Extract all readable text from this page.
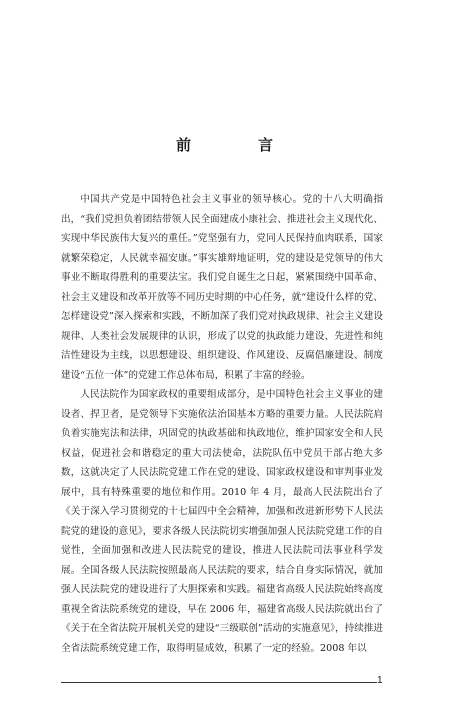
前　言

中国共产党是中国特色社会主义事业的领导核心。党的十八大明确指出，“我们党担负着团结带领人民全面建成小康社会、推进社会主义现代化、实现中华民族伟大复兴的重任。”党坚强有力，党同人民保持血肉联系，国家就繁荣稳定，人民就幸福安康。”事实雄辩地证明，党的建设是党领导的伟大事业不断取得胜利的重要法宝。我们党自诞生之日起，紧紧围绕中国革命、社会主义建设和改革开放等不同历史时期的中心任务，就“建设什么样的党、怎样建设党”深入探索和实践，不断加深了我们党对执政规律、社会主义建设规律、人类社会发展规律的认识，形成了以党的执政能力建设、先进性和纯洁性建设为主线，以思想建设、组织建设、作风建设、反腐倡廉建设、制度建设“五位一体”的党建工作总体布局，积累了丰富的经验。

人民法院作为国家政权的重要组成部分，是中国特色社会主义事业的建设者、捍卫者，是党领导下实施依法治国基本方略的重要力量。人民法院肩负着实施宪法和法律，巩固党的执政基础和执政地位，维护国家安全和人民权益，促进社会和谐稳定的重大司法使命，法院队伍中党员干部占绝大多数，这就决定了人民法院党建工作在党的建设、国家政权建设和审判事业发展中，具有特殊重要的地位和作用。2010 年 4 月，最高人民法院出台了《关于深入学习贯彻党的十七届四中全会精神，加强和改进新形势下人民法院党的建设的意见》，要求各级人民法院切实增强加强人民法院党建工作的自觉性，全面加强和改进人民法院党的建设，推进人民法院司法事业科学发展。全国各级人民法院按照最高人民法院的要求，结合自身实际情况，就加强人民法院党的建设进行了大胆探索和实践。福建省高级人民法院始终高度重视全省法院系统党的建设，早在 2006 年，福建省高级人民法院就出台了《关于在全省法院开展机关党的建设“三级联创”活动的实施意见》，持续推进全省法院系统党建工作，取得明显成效，积累了一定的经验。2008 年以

1
